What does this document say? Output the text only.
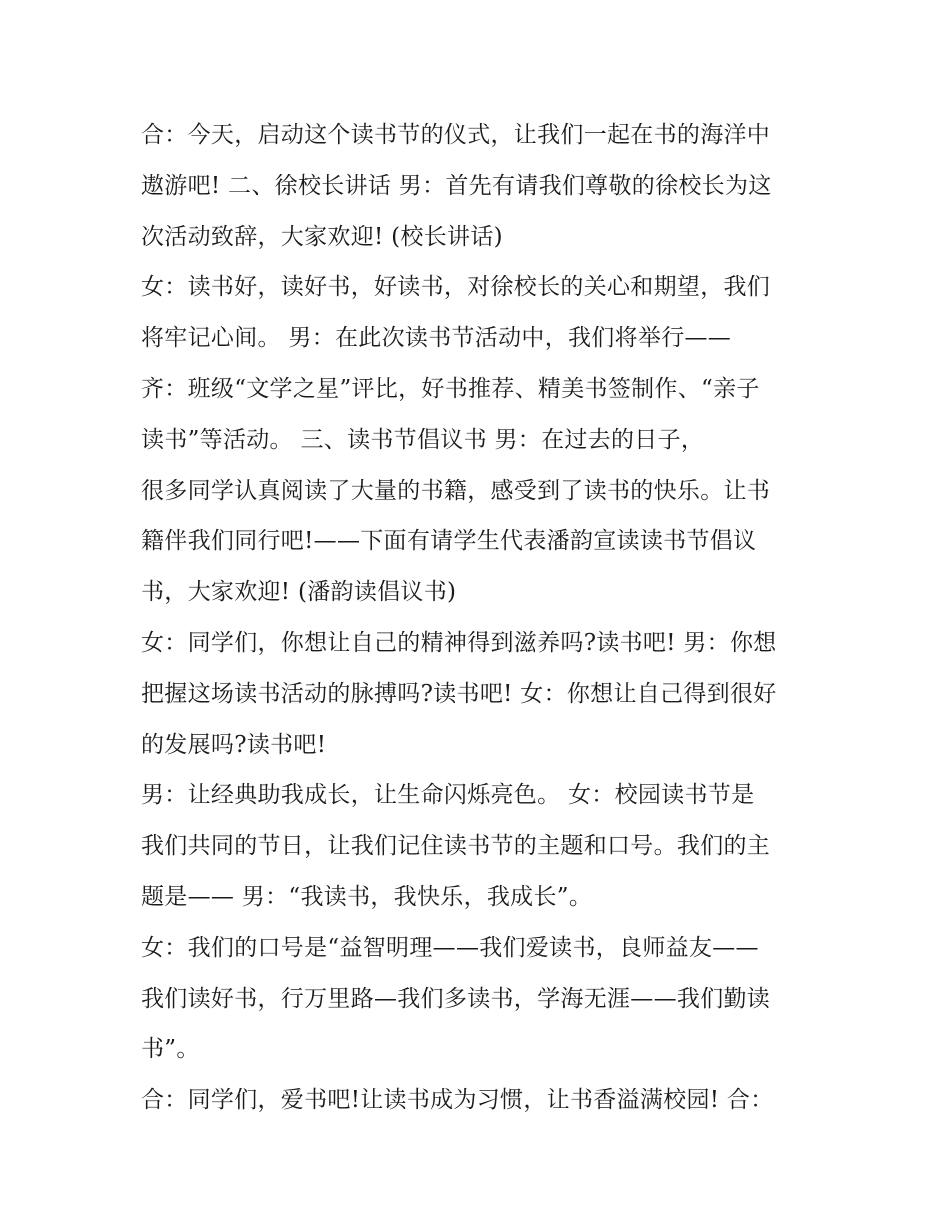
合：今天，启动这个读书节的仪式，让我们一起在书的海洋中
遨游吧! 二、徐校长讲话 男：首先有请我们尊敬的徐校长为这
次活动致辞，大家欢迎! (校长讲话)
女：读书好，读好书，好读书，对徐校长的关心和期望，我们
将牢记心间。 男：在此次读书节活动中，我们将举行——
齐：班级“文学之星”评比，好书推荐、精美书签制作、“亲子
读书”等活动。 三、读书节倡议书 男：在过去的日子，
很多同学认真阅读了大量的书籍，感受到了读书的快乐。让书
籍伴我们同行吧!——下面有请学生代表潘韵宣读读书节倡议
书，大家欢迎! (潘韵读倡议书)
女：同学们，你想让自己的精神得到滋养吗?读书吧! 男：你想
把握这场读书活动的脉搏吗?读书吧! 女：你想让自己得到很好
的发展吗?读书吧!
男：让经典助我成长，让生命闪烁亮色。 女：校园读书节是
我们共同的节日，让我们记住读书节的主题和口号。我们的主
题是—— 男：“我读书，我快乐，我成长”。
女：我们的口号是“益智明理——我们爱读书，良师益友——
我们读好书，行万里路—我们多读书，学海无涯——我们勤读
书”。
合：同学们，爱书吧!让读书成为习惯，让书香溢满校园! 合：
